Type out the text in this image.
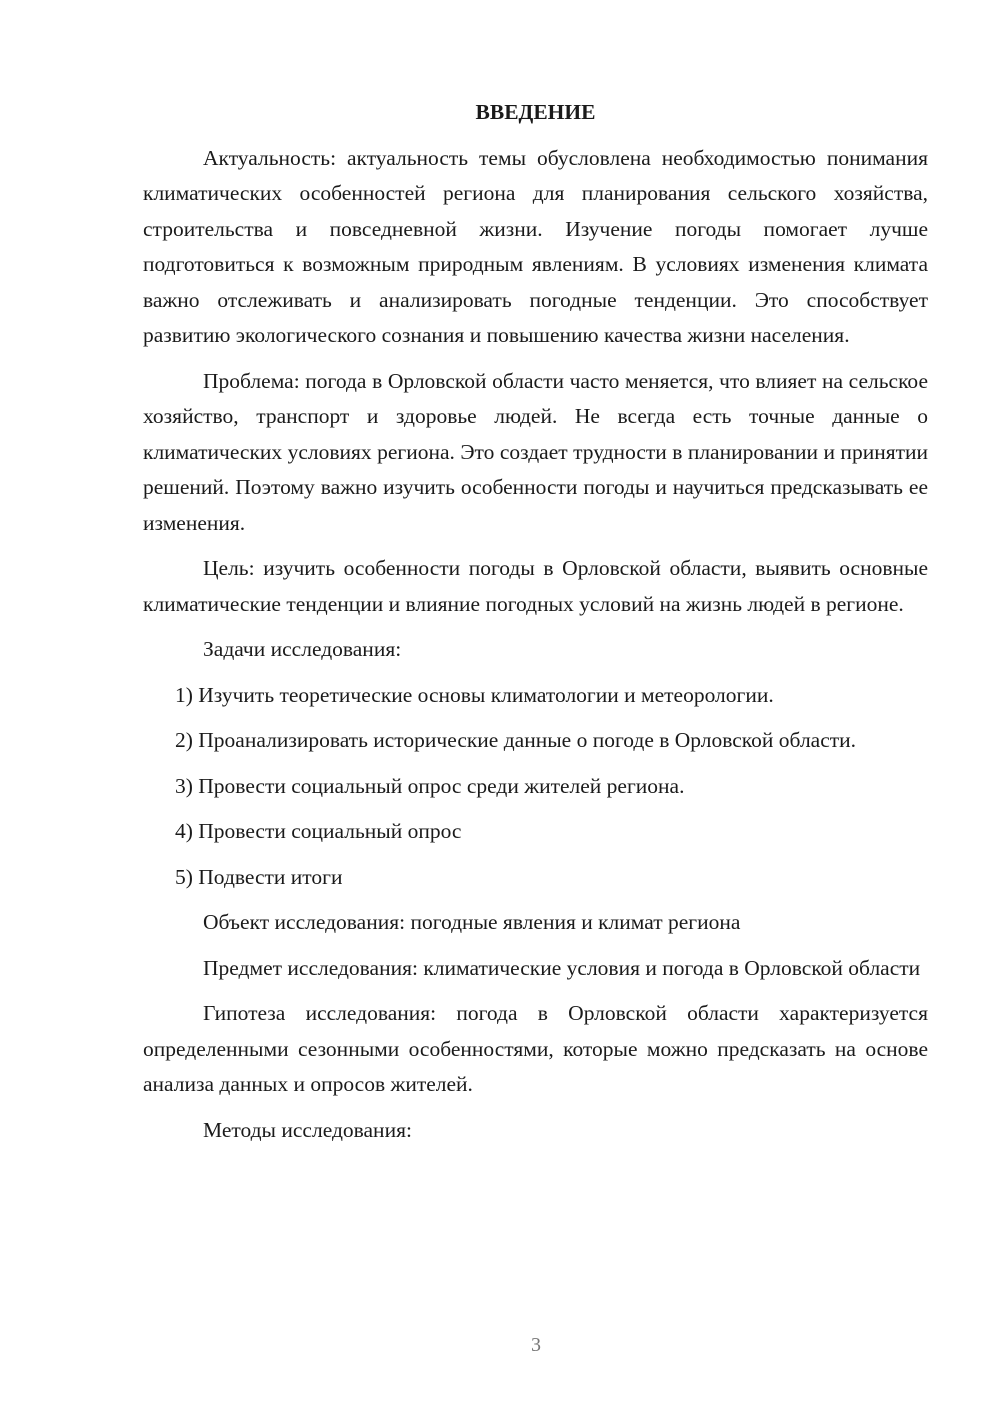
ВВЕДЕНИЕ

Актуальность: актуальность темы обусловлена необходимостью понимания климатических особенностей региона для планирования сельского хозяйства, строительства и повседневной жизни. Изучение погоды помогает лучше подготовиться к возможным природным явлениям. В условиях изменения климата важно отслеживать и анализировать погодные тенденции. Это способствует развитию экологического сознания и повышению качества жизни населения.

Проблема: погода в Орловской области часто меняется, что влияет на сельское хозяйство, транспорт и здоровье людей. Не всегда есть точные данные о климатических условиях региона. Это создает трудности в планировании и принятии решений. Поэтому важно изучить особенности погоды и научиться предсказывать ее изменения.

Цель: изучить особенности погоды в Орловской области, выявить основные климатические тенденции и влияние погодных условий на жизнь людей в регионе.

Задачи исследования:

1) Изучить теоретические основы климатологии и метеорологии.

2) Проанализировать исторические данные о погоде в Орловской области.

3) Провести социальный опрос среди жителей региона.

4) Провести социальный опрос

5) Подвести итоги

Объект исследования: погодные явления и климат региона

Предмет исследования: климатические условия и погода в Орловской области

Гипотеза исследования: погода в Орловской области характеризуется определенными сезонными особенностями, которые можно предсказать на основе анализа данных и опросов жителей.

Методы исследования:

3
